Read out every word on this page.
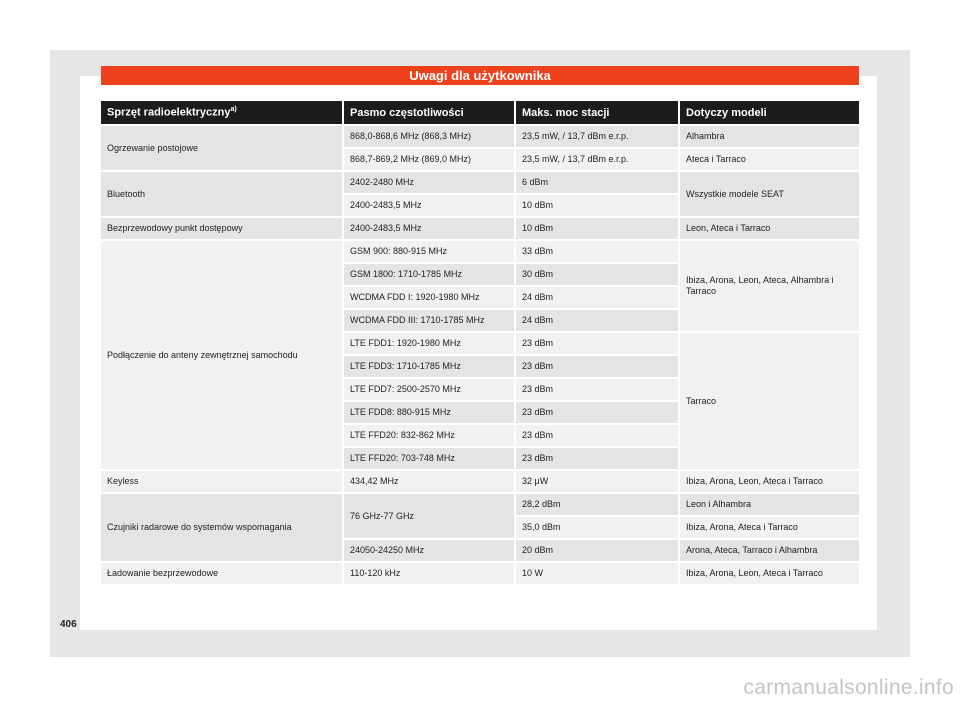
Uwagi dla użytkownika
Sprzęt radioelektryczny$^{a)}$	Pasmo częstotliwości	Maks. moc stacji	Dotyczy modeli
Ogrzewanie postojowe	868,0-868,6 MHz (868,3 MHz)	23,5 mW, / 13,7 dBm e.r.p.	Alhambra
	868,7-869,2 MHz (869,0 MHz)	23,5 mW, / 13,7 dBm e.r.p.	Ateca i Tarraco
Bluetooth	2402-2480 MHz	6 dBm	Wszystkie modele SEAT
	2400-2483,5 MHz	10 dBm	
Bezprzewodowy punkt dostępowy	2400-2483,5 MHz	10 dBm	Leon, Ateca i Tarraco
Podłączenie do anteny zewnętrznej samochodu	GSM 900: 880-915 MHz	33 dBm	Ibiza, Arona, Leon, Ateca, Alhambra i Tarraco
	GSM 1800: 1710-1785 MHz	30 dBm	
	WCDMA FDD I: 1920-1980 MHz	24 dBm	
	WCDMA FDD III: 1710-1785 MHz	24 dBm	
	LTE FDD1: 1920-1980 MHz	23 dBm	Tarraco
	LTE FDD3: 1710-1785 MHz	23 dBm	
	LTE FDD7: 2500-2570 MHz	23 dBm	
	LTE FDD8: 880-915 MHz	23 dBm	
	LTE FFD20: 832-862 MHz	23 dBm	
	LTE FFD20: 703-748 MHz	23 dBm	
Keyless	434,42 MHz	32 µW	Ibiza, Arona, Leon, Ateca i Tarraco
Czujniki radarowe do systemów wspomagania	76 GHz-77 GHz	28,2 dBm	Leon i Alhambra
		35,0 dBm	Ibiza, Arona, Ateca i Tarraco
	24050-24250 MHz	20 dBm	Arona, Ateca, Tarraco i Alhambra
Ładowanie bezprzewodowe	110-120 kHz	10 W	Ibiza, Arona, Leon, Ateca i Tarraco
406
carmanualsonline.info
